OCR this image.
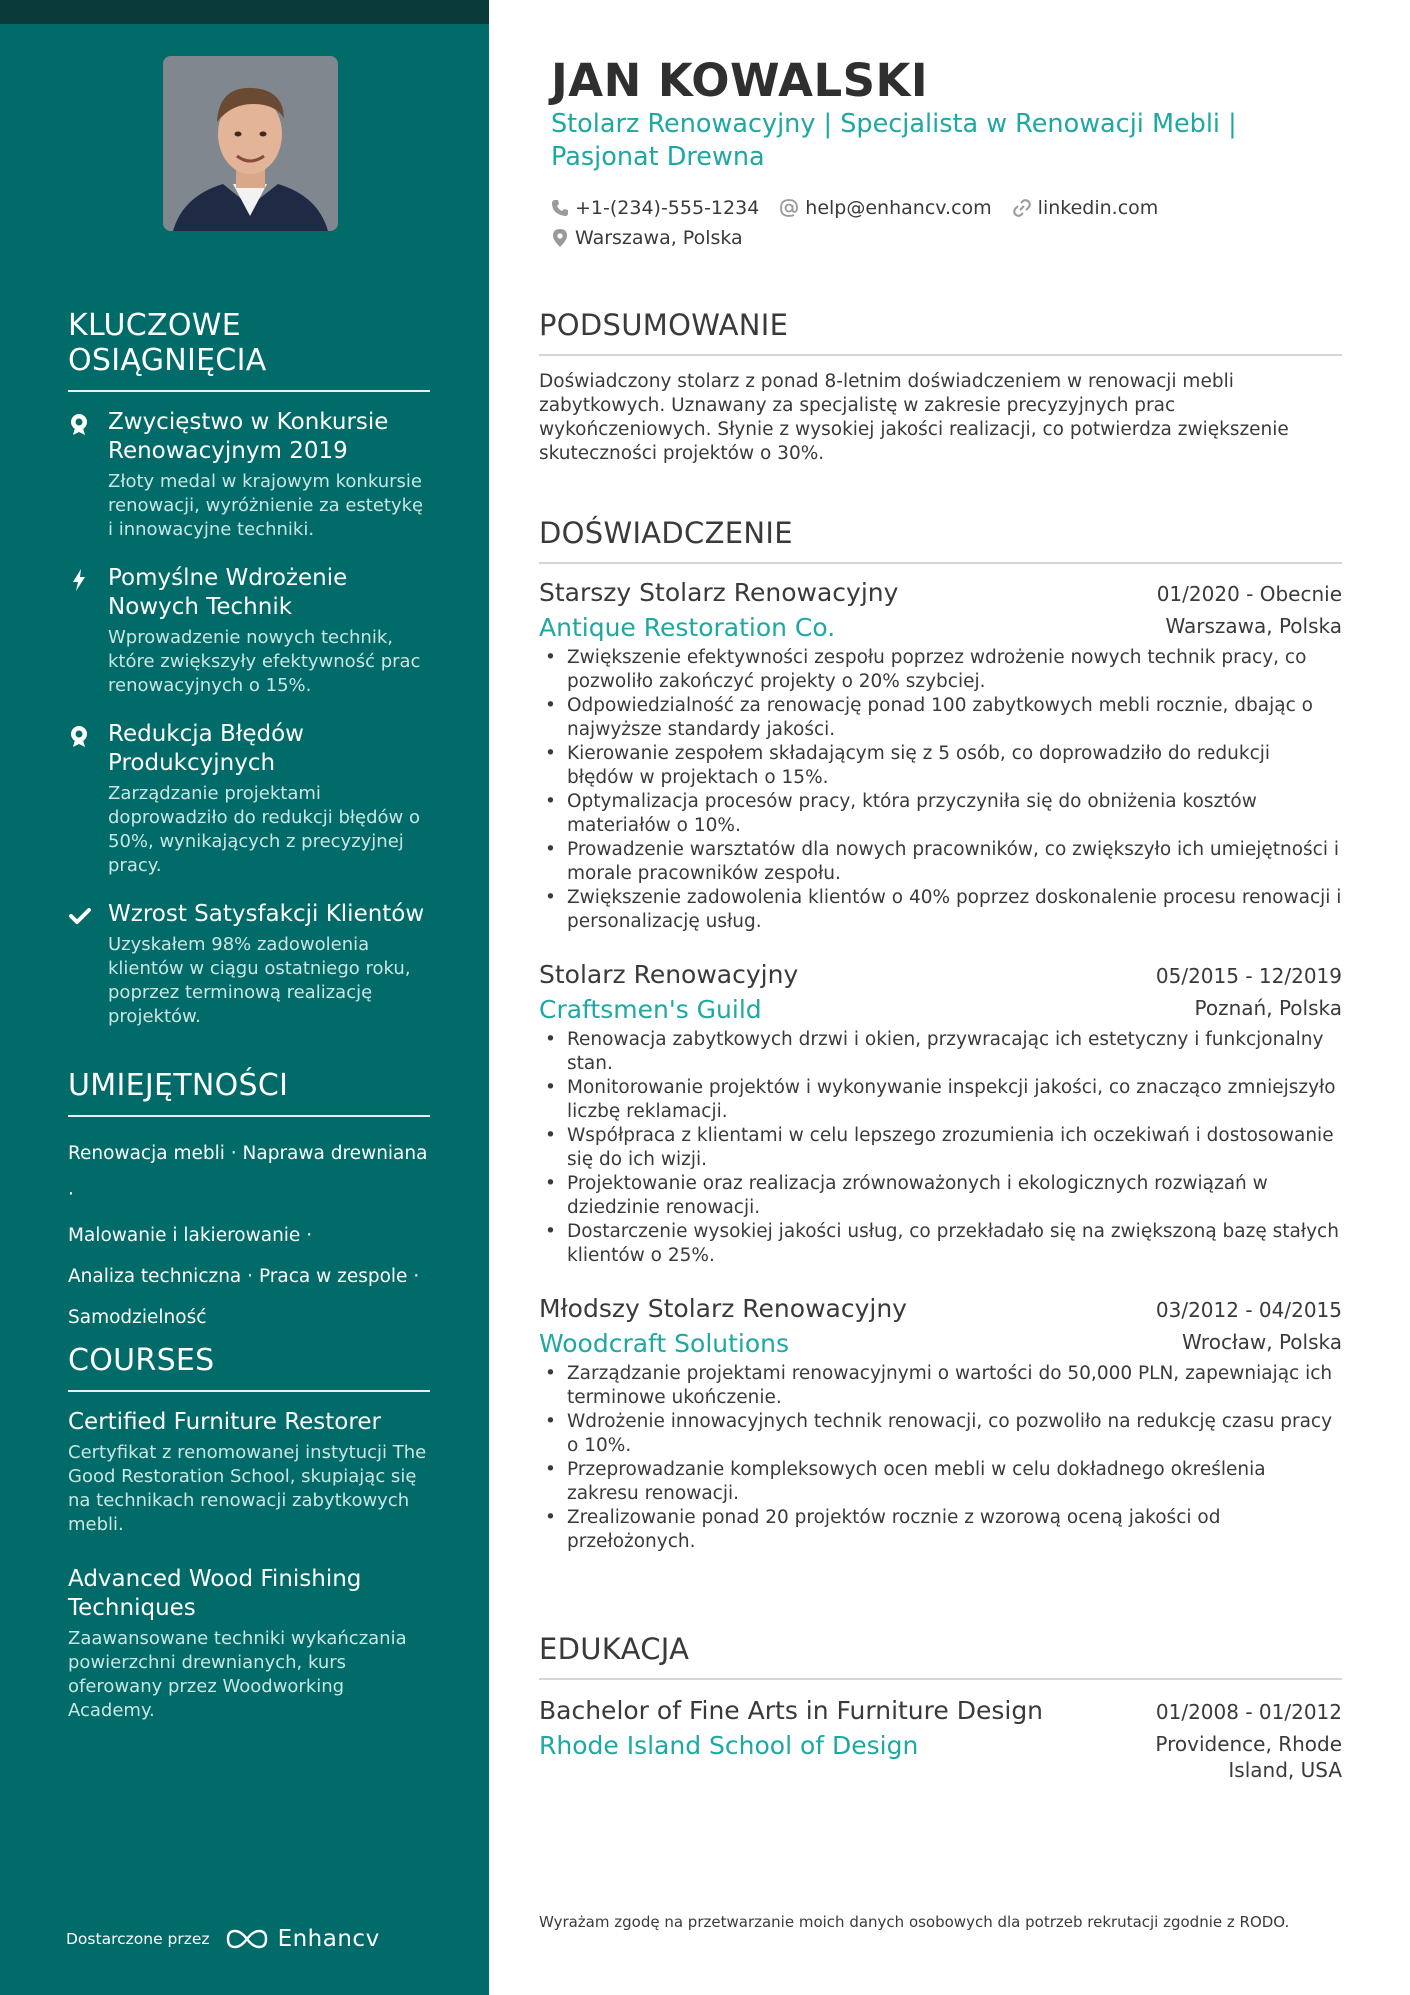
KLUCZOWE OSIĄGNIĘCIA
Zwycięstwo w Konkursie Renowacyjnym 2019
Złoty medal w krajowym konkursie renowacji, wyróżnienie za estetykę i innowacyjne techniki.
Pomyślne Wdrożenie Nowych Technik
Wprowadzenie nowych technik, które zwiększyły efektywność prac renowacyjnych o 15%.
Redukcja Błędów Produkcyjnych
Zarządzanie projektami doprowadziło do redukcji błędów o 50%, wynikających z precyzyjnej pracy.
Wzrost Satysfakcji Klientów
Uzyskałem 98% zadowolenia klientów w ciągu ostatniego roku, poprzez terminową realizację projektów.
UMIEJĘTNOŚCI
Renowacja mebli · Naprawa drewniana ·
Malowanie i lakierowanie ·
Analiza techniczna · Praca w zespole ·
Samodzielność
COURSES
Certified Furniture Restorer
Certyfikat z renomowanej instytucji The Good Restoration School, skupiając się na technikach renowacji zabytkowych mebli.
Advanced Wood Finishing Techniques
Zaawansowane techniki wykańczania powierzchni drewnianych, kurs oferowany przez Woodworking Academy.
Dostarczone przez	Enhancv
JAN KOWALSKI
Stolarz Renowacyjny | Specjalista w Renowacji Mebli | Pasjonat Drewna
+1-(234)-555-1234 help@enhancv.com linkedin.com
Warszawa, Polska
PODSUMOWANIE
Doświadczony stolarz z ponad 8-letnim doświadczeniem w renowacji mebli zabytkowych. Uznawany za specjalistę w zakresie precyzyjnych prac wykończeniowych. Słynie z wysokiej jakości realizacji, co potwierdza zwiększenie skuteczności projektów o 30%.
DOŚWIADCZENIE
Starszy Stolarz Renowacyjny	01/2020 - Obecnie
Antique Restoration Co.	Warszawa, Polska
• Zwiększenie efektywności zespołu poprzez wdrożenie nowych technik pracy, co pozwoliło zakończyć projekty o 20% szybciej.
• Odpowiedzialność za renowację ponad 100 zabytkowych mebli rocznie, dbając o najwyższe standardy jakości.
• Kierowanie zespołem składającym się z 5 osób, co doprowadziło do redukcji błędów w projektach o 15%.
• Optymalizacja procesów pracy, która przyczyniła się do obniżenia kosztów materiałów o 10%.
• Prowadzenie warsztatów dla nowych pracowników, co zwiększyło ich umiejętności i morale pracowników zespołu.
• Zwiększenie zadowolenia klientów o 40% poprzez doskonalenie procesu renowacji i personalizację usług.
Stolarz Renowacyjny	05/2015 - 12/2019
Craftsmen's Guild	Poznań, Polska
• Renowacja zabytkowych drzwi i okien, przywracając ich estetyczny i funkcjonalny stan.
• Monitorowanie projektów i wykonywanie inspekcji jakości, co znacząco zmniejszyło liczbę reklamacji.
• Współpraca z klientami w celu lepszego zrozumienia ich oczekiwań i dostosowanie się do ich wizji.
• Projektowanie oraz realizacja zrównoważonych i ekologicznych rozwiązań w dziedzinie renowacji.
• Dostarczenie wysokiej jakości usług, co przekładało się na zwiększoną bazę stałych klientów o 25%.
Młodszy Stolarz Renowacyjny	03/2012 - 04/2015
Woodcraft Solutions	Wrocław, Polska
• Zarządzanie projektami renowacyjnymi o wartości do 50,000 PLN, zapewniając ich terminowe ukończenie.
• Wdrożenie innowacyjnych technik renowacji, co pozwoliło na redukcję czasu pracy o 10%.
• Przeprowadzanie kompleksowych ocen mebli w celu dokładnego określenia zakresu renowacji.
• Zrealizowanie ponad 20 projektów rocznie z wzorową oceną jakości od przełożonych.
EDUKACJA
Bachelor of Fine Arts in Furniture Design	01/2008 - 01/2012
Rhode Island School of Design	Providence, Rhode Island, USA
Wyrażam zgodę na przetwarzanie moich danych osobowych dla potrzeb rekrutacji zgodnie z RODO.
